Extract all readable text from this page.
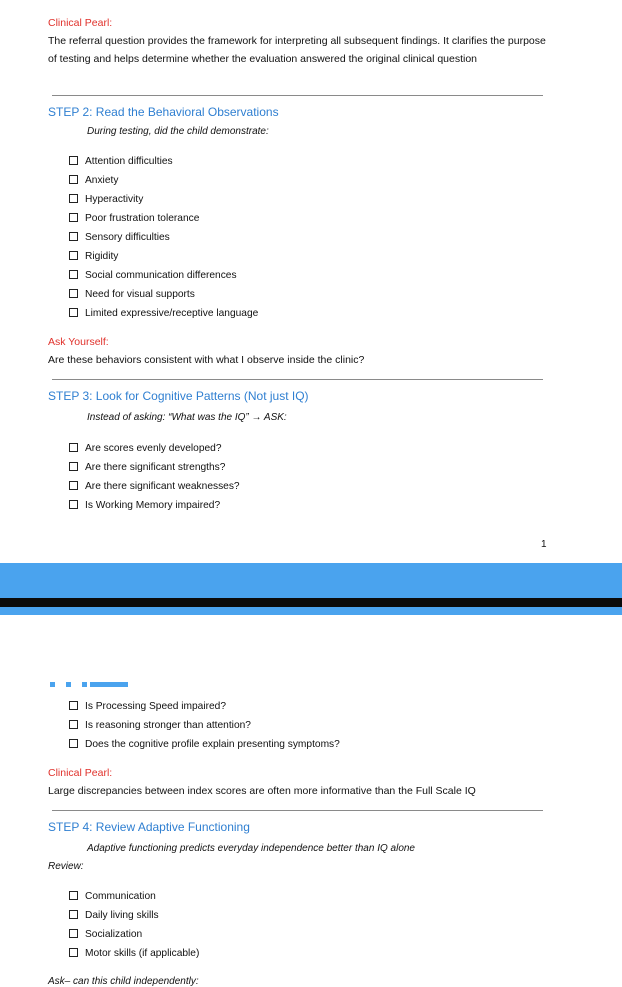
Clinical Pearl:
The referral question provides the framework for interpreting all subsequent findings. It clarifies the purpose of testing and helps determine whether the evaluation answered the original clinical question
STEP 2: Read the Behavioral Observations
During testing, did the child demonstrate:
Attention difficulties
Anxiety
Hyperactivity
Poor frustration tolerance
Sensory difficulties
Rigidity
Social communication differences
Need for visual supports
Limited expressive/receptive language
Ask Yourself:
Are these behaviors consistent with what I observe inside the clinic?
STEP 3: Look for Cognitive Patterns (Not just IQ)
Instead of asking: “What was the IQ” → ASK:
Are scores evenly developed?
Are there significant strengths?
Are there significant weaknesses?
Is Working Memory impaired?
1
Is Processing Speed impaired?
Is reasoning stronger than attention?
Does the cognitive profile explain presenting symptoms?
Clinical Pearl:
Large discrepancies between index scores are often more informative than the Full Scale IQ
STEP 4: Review Adaptive Functioning
Adaptive functioning predicts everyday independence better than IQ alone
Review:
Communication
Daily living skills
Socialization
Motor skills (if applicable)
Ask– can this child independently:
